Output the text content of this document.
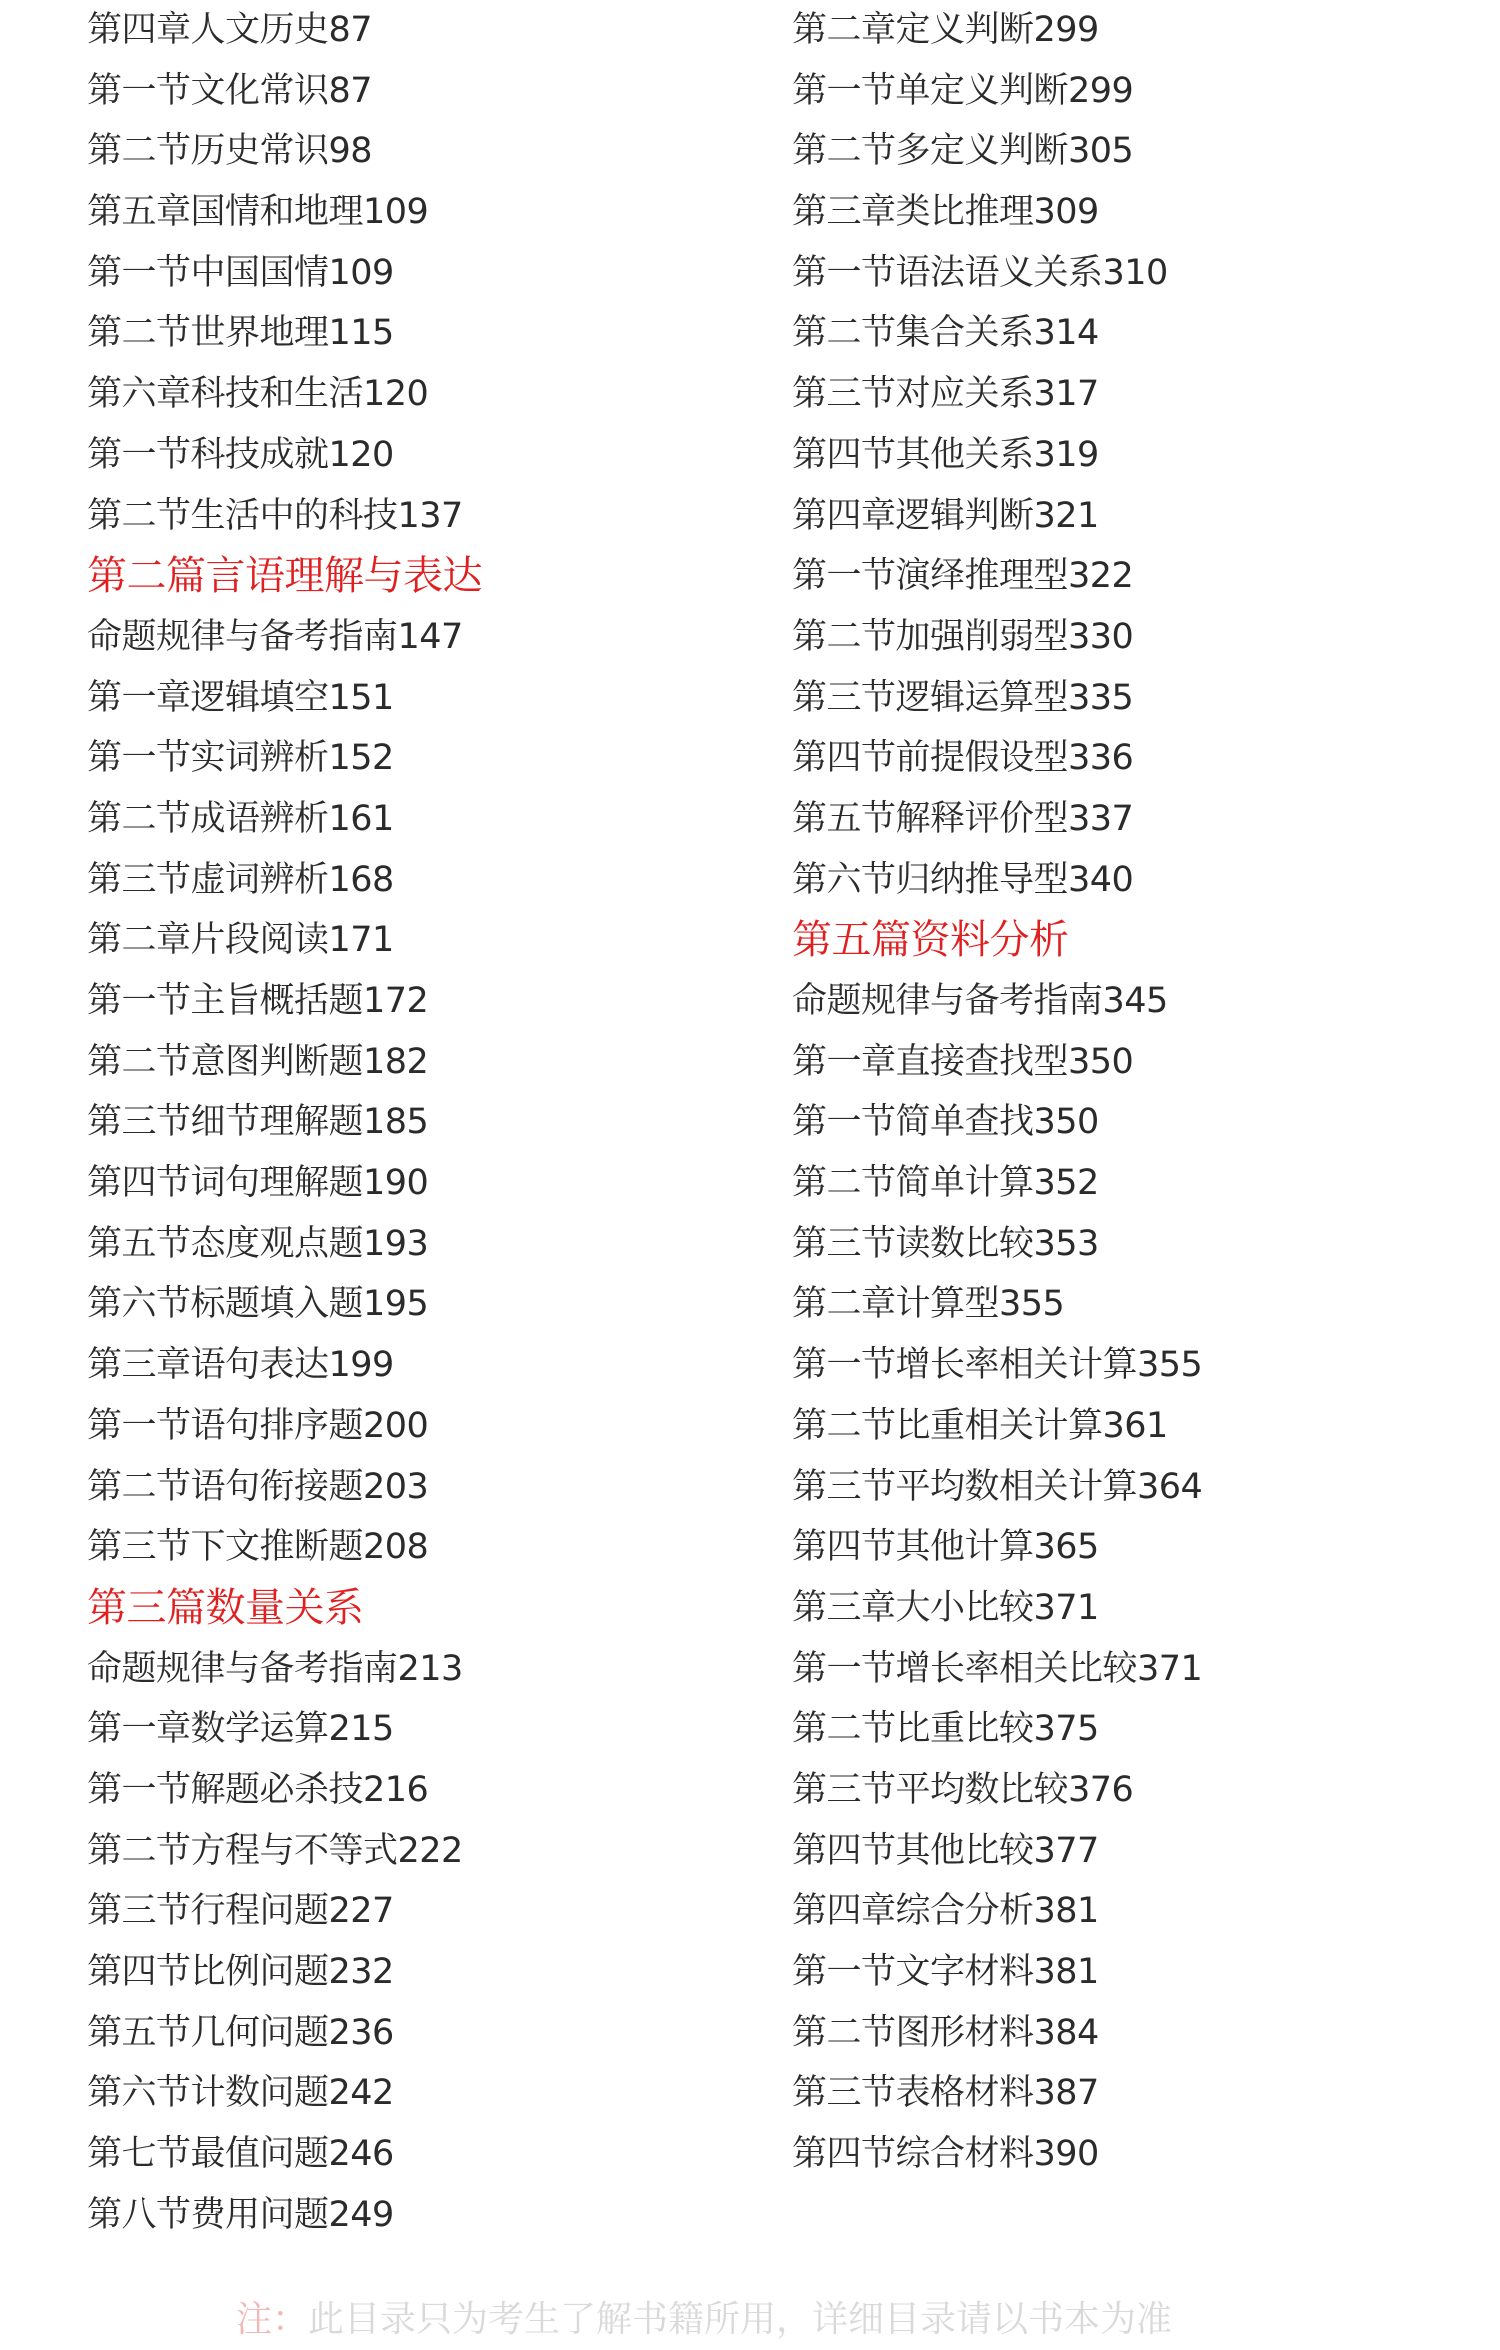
第四章人文历史87
第一节文化常识87
第二节历史常识98
第五章国情和地理109
第一节中国国情109
第二节世界地理115
第六章科技和生活120
第一节科技成就120
第二节生活中的科技137
第二篇言语理解与表达
命题规律与备考指南147
第一章逻辑填空151
第一节实词辨析152
第二节成语辨析161
第三节虚词辨析168
第二章片段阅读171
第一节主旨概括题172
第二节意图判断题182
第三节细节理解题185
第四节词句理解题190
第五节态度观点题193
第六节标题填入题195
第三章语句表达199
第一节语句排序题200
第二节语句衔接题203
第三节下文推断题208
第三篇数量关系
命题规律与备考指南213
第一章数学运算215
第一节解题必杀技216
第二节方程与不等式222
第三节行程问题227
第四节比例问题232
第五节几何问题236
第六节计数问题242
第七节最值问题246
第八节费用问题249
第二章定义判断299
第一节单定义判断299
第二节多定义判断305
第三章类比推理309
第一节语法语义关系310
第二节集合关系314
第三节对应关系317
第四节其他关系319
第四章逻辑判断321
第一节演绎推理型322
第二节加强削弱型330
第三节逻辑运算型335
第四节前提假设型336
第五节解释评价型337
第六节归纳推导型340
第五篇资料分析
命题规律与备考指南345
第一章直接查找型350
第一节简单查找350
第二节简单计算352
第三节读数比较353
第二章计算型355
第一节增长率相关计算355
第二节比重相关计算361
第三节平均数相关计算364
第四节其他计算365
第三章大小比较371
第一节增长率相关比较371
第二节比重比较375
第三节平均数比较376
第四节其他比较377
第四章综合分析381
第一节文字材料381
第二节图形材料384
第三节表格材料387
第四节综合材料390
注：此目录只为考生了解书籍所用，详细目录请以书本为准
